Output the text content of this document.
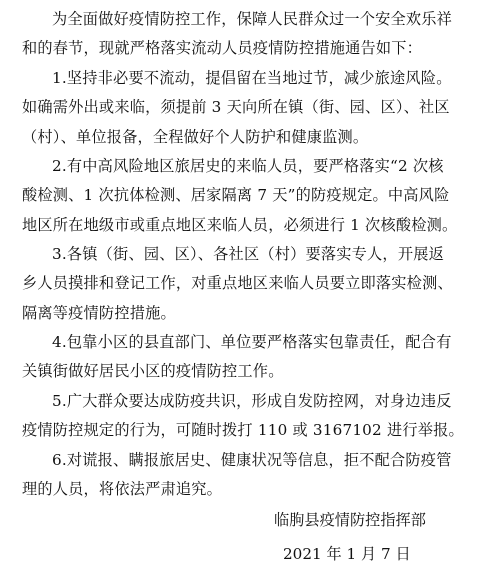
为全面做好疫情防控工作，保障人民群众过一个安全欢乐祥
和的春节，现就严格落实流动人员疫情防控措施通告如下：

1.坚持非必要不流动，提倡留在当地过节，减少旅途风险。
如确需外出或来临，须提前 3 天向所在镇（街、园、区）、社区
（村）、单位报备，全程做好个人防护和健康监测。

2.有中高风险地区旅居史的来临人员，要严格落实“2 次核
酸检测、1 次抗体检测、居家隔离 7 天”的防疫规定。中高风险
地区所在地级市或重点地区来临人员，必须进行 1 次核酸检测。

3.各镇（街、园、区）、各社区（村）要落实专人，开展返
乡人员摸排和登记工作，对重点地区来临人员要立即落实检测、
隔离等疫情防控措施。

4.包靠小区的县直部门、单位要严格落实包靠责任，配合有
关镇街做好居民小区的疫情防控工作。

5.广大群众要达成防疫共识，形成自发防控网，对身边违反
疫情防控规定的行为，可随时拨打 110 或 3167102 进行举报。

6.对谎报、瞒报旅居史、健康状况等信息，拒不配合防疫管
理的人员，将依法严肃追究。

临朐县疫情防控指挥部
2021 年 1 月 7 日
